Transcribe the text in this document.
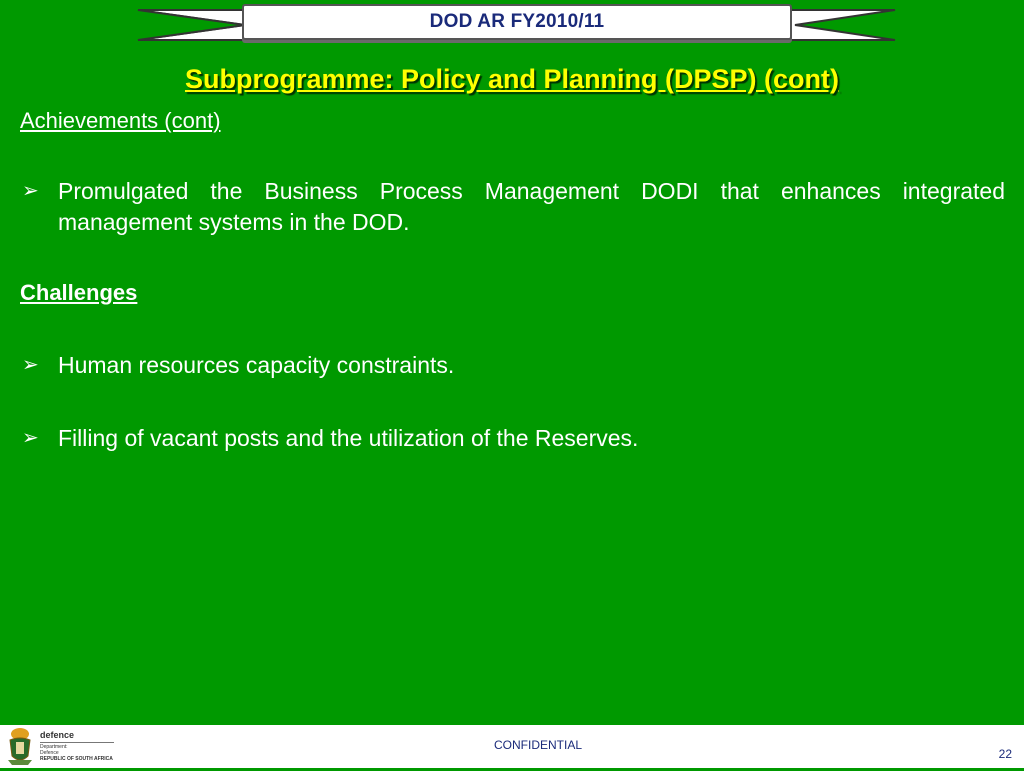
DOD AR FY2010/11
Subprogramme: Policy and Planning (DPSP) (cont)

Achievements (cont)

➢ Promulgated the Business Process Management DODI that enhances integrated management systems in the DOD.

Challenges

➢ Human resources capacity constraints.
➢ Filling of vacant posts and the utilization of the Reserves.
defence
Department:
Defence
REPUBLIC OF SOUTH AFRICA
CONFIDENTIAL
22
